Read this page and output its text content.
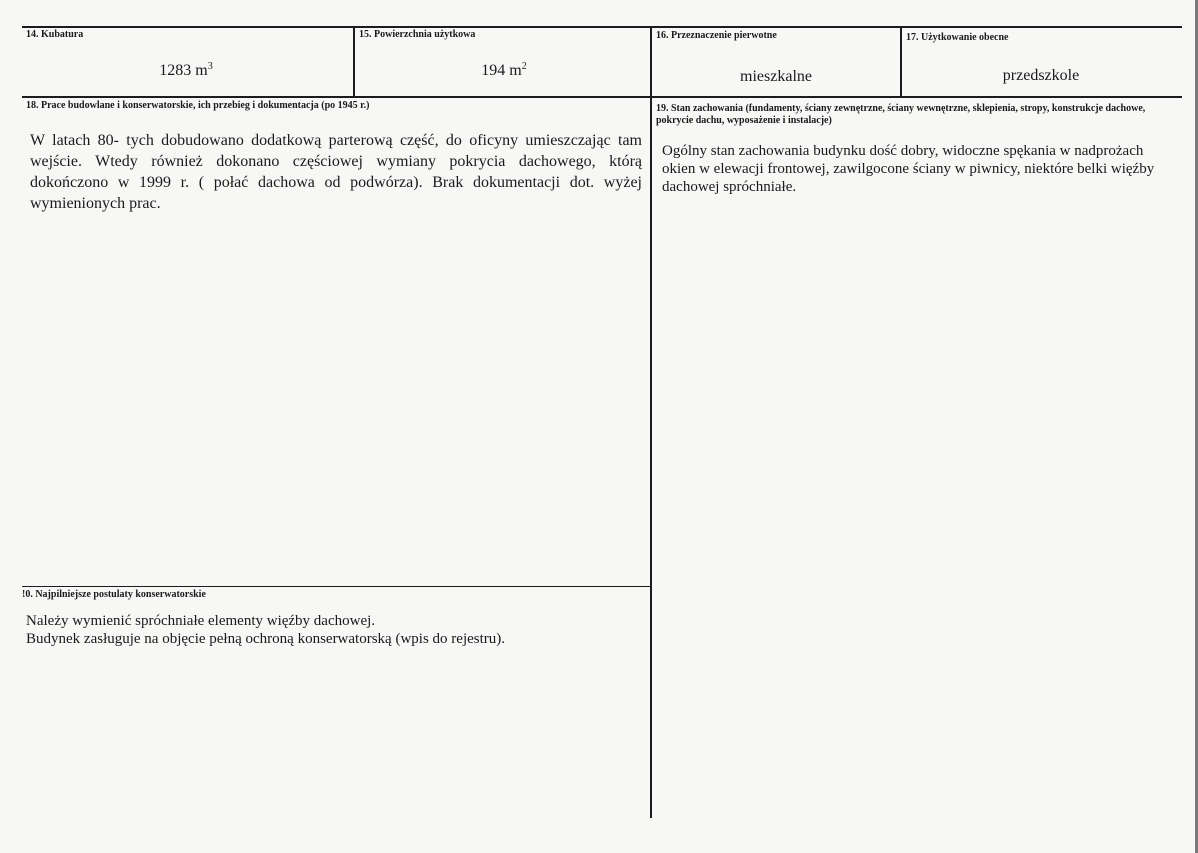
14. Kubatura
1283 $m^3$
15. Powierzchnia użytkowa
194 $m^2$
16. Przeznaczenie pierwotne
mieszkalne
17. Użytkowanie obecne
przedszkole
18. Prace budowlane i konserwatorskie, ich przebieg i dokumentacja (po 1945 r.)
W latach 80- tych dobudowano dodatkową parterową część, do oficyny umieszczając tam wejście. Wtedy również dokonano częściowej wymiany pokrycia dachowego, którą dokończono w 1999 r. ( połać dachowa od podwórza). Brak dokumentacji dot. wyżej wymienionych prac.
19. Stan zachowania (fundamenty, ściany zewnętrzne, ściany wewnętrzne, sklepienia, stropy, konstrukcje dachowe, pokrycie dachu, wyposażenie i instalacje)
Ogólny stan zachowania budynku dość dobry, widoczne spękania w nadprożach okien w elewacji frontowej, zawilgocone ściany w piwnicy, niektóre belki więźby dachowej spróchniałe.
!0. Najpilniejsze postulaty konserwatorskie
Należy wymienić spróchniałe elementy więźby dachowej.
Budynek zasługuje na objęcie pełną ochroną konserwatorską (wpis do rejestru).
